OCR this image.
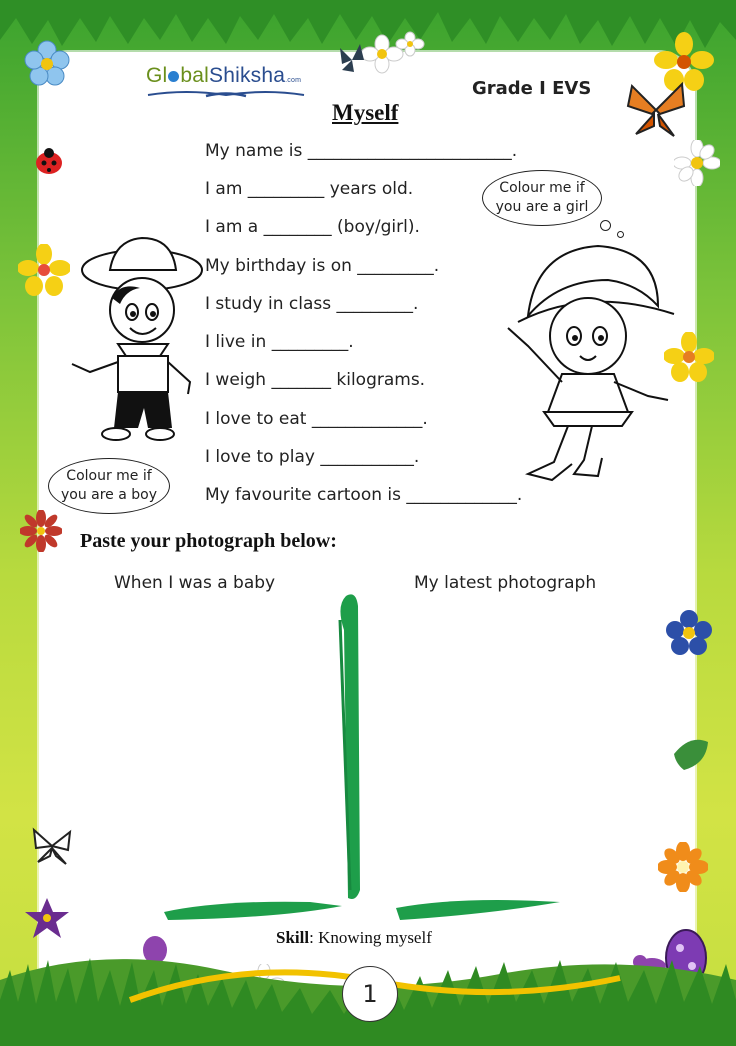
Gl balShiksha.com	Grade I EVS
Myself
My name is ________________________.
I am _________ years old.
I am a ________ (boy/girl).
My birthday is on _________.
I study in class _________.
I live in _________.
I weigh _______ kilograms.
I love to eat _____________.
I love to play ___________.
My favourite cartoon is _____________.
Colour me if
you are a girl
Colour me if
you are a boy
Paste your photograph below:
When I was a baby	My latest photograph
Skill: Knowing myself
1
